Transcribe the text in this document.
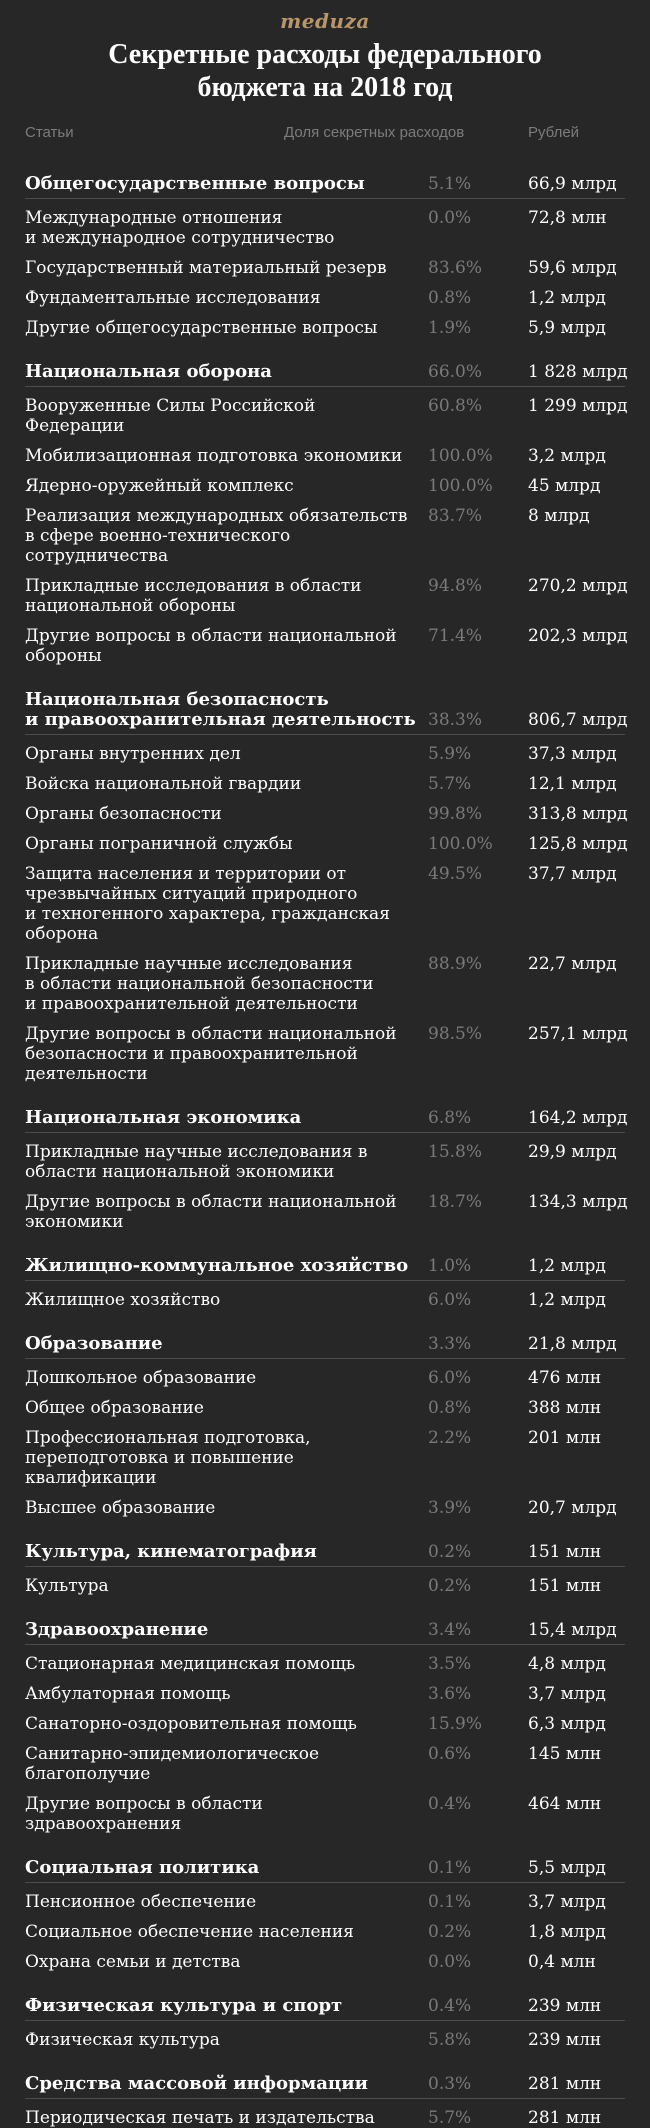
meduza
Секретные расходы федерального
бюджета на 2018 год
Статьи	Доля секретных расходов	Рублей
Общегосударственные вопросы	5.1%	66,9 млрд
Международные отношения
и международное сотрудничество
0.0%	72,8 млн
Государственный материальный резерв	83.6%	59,6 млрд
Фундаментальные исследования	0.8%	1,2 млрд
Другие общегосударственные вопросы	1.9%	5,9 млрд
Национальная оборона	66.0%	1 828 млрд
Вооруженные Силы Российской
Федерации
60.8%	1 299 млрд
Мобилизационная подготовка экономики	100.0% 3,2 млрд
Ядерно-оружейный комплекс	100.0% 45 млрд
Реализация международных обязательств
в сфере военно-технического
сотрудничества
83.7%	8 млрд
Прикладные исследования в области
национальной обороны
94.8%	270,2 млрд
Другие вопросы в области национальной
обороны
71.4%	202,3 млрд
Национальная безопасность
и правоохранительная деятельность 38.3%	806,7 млрд
Органы внутренних дел	5.9%	37,3 млрд
Войска национальной гвардии	5.7%	12,1 млрд
Органы безопасности	99.8%	313,8 млрд
Органы пограничной службы	100.0% 125,8 млрд
Защита населения и территории от
чрезвычайных ситуаций природного
и техногенного характера, гражданская
оборона
49.5%	37,7 млрд
Прикладные научные исследования
в области национальной безопасности
и правоохранительной деятельности
88.9%	22,7 млрд
Другие вопросы в области национальной
безопасности и правоохранительной
деятельности
98.5%	257,1 млрд
Национальная экономика	6.8%	164,2 млрд
Прикладные научные исследования в
области национальной экономики
15.8%	29,9 млрд
Другие вопросы в области национальной
экономики
18.7%	134,3 млрд
Жилищно-коммунальное хозяйство	1.0%	1,2 млрд
Жилищное хозяйство	6.0%	1,2 млрд
Образование	3.3%	21,8 млрд
Дошкольное образование	6.0%	476 млн
Общее образование	0.8%	388 млн
Профессиональная подготовка,
переподготовка и повышение
квалификации
2.2%	201 млн
Высшее образование	3.9%	20,7 млрд
Культура, кинематография	0.2%	151 млн
Культура	0.2%	151 млн
Здравоохранение	3.4%	15,4 млрд
Стационарная медицинская помощь	3.5%	4,8 млрд
Амбулаторная помощь	3.6%	3,7 млрд
Санаторно-оздоровительная помощь	15.9%	6,3 млрд
Санитарно-эпидемиологическое
благополучие
0.6%	145 млн
Другие вопросы в области
здравоохранения
0.4%	464 млн
Социальная политика	0.1%	5,5 млрд
Пенсионное обеспечение	0.1%	3,7 млрд
Социальное обеспечение населения	0.2%	1,8 млрд
Охрана семьи и детства	0.0%	0,4 млн
Физическая культура и спорт	0.4%	239 млн
Физическая культура	5.8%	239 млн
Средства массовой информации	0.3%	281 млн
Периодическая печать и издательства	5.7%	281 млн
